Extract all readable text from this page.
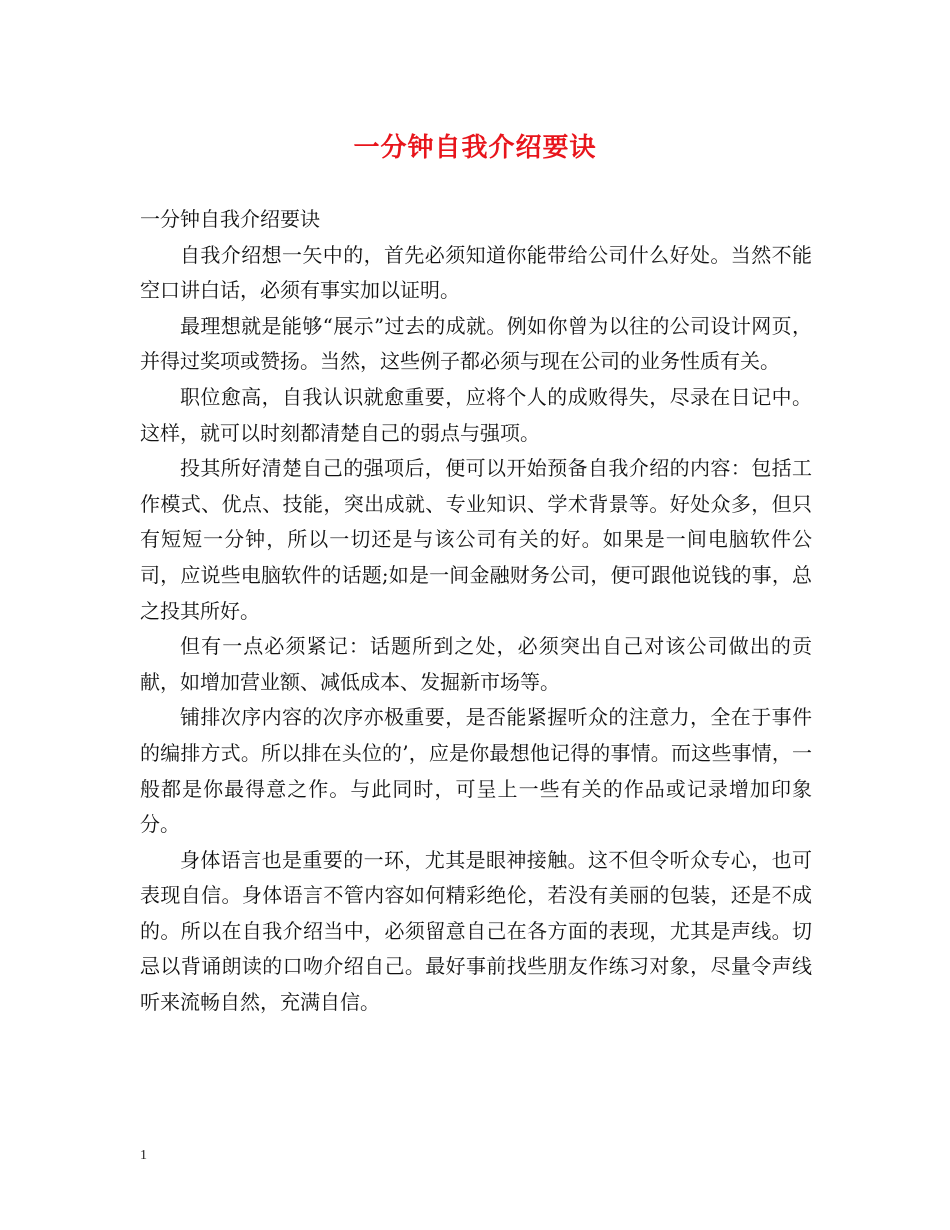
一分钟自我介绍要诀

一分钟自我介绍要诀

自我介绍想一矢中的，首先必须知道你能带给公司什么好处。当然不能空口讲白话，必须有事实加以证明。

最理想就是能够“展示”过去的成就。例如你曾为以往的公司设计网页，并得过奖项或赞扬。当然，这些例子都必须与现在公司的业务性质有关。

职位愈高，自我认识就愈重要，应将个人的成败得失，尽录在日记中。这样，就可以时刻都清楚自己的弱点与强项。

投其所好清楚自己的强项后，便可以开始预备自我介绍的内容：包括工作模式、优点、技能，突出成就、专业知识、学术背景等。好处众多，但只有短短一分钟，所以一切还是与该公司有关的好。如果是一间电脑软件公司，应说些电脑软件的话题;如是一间金融财务公司，便可跟他说钱的事，总之投其所好。

但有一点必须紧记：话题所到之处，必须突出自己对该公司做出的贡献，如增加营业额、减低成本、发掘新市场等。

铺排次序内容的次序亦极重要，是否能紧握听众的注意力，全在于事件的编排方式。所以排在头位的’，应是你最想他记得的事情。而这些事情，一般都是你最得意之作。与此同时，可呈上一些有关的作品或记录增加印象分。

身体语言也是重要的一环，尤其是眼神接触。这不但令听众专心，也可表现自信。身体语言不管内容如何精彩绝伦，若没有美丽的包装，还是不成的。所以在自我介绍当中，必须留意自己在各方面的表现，尤其是声线。切忌以背诵朗读的口吻介绍自己。最好事前找些朋友作练习对象，尽量令声线听来流畅自然，充满自信。

1
